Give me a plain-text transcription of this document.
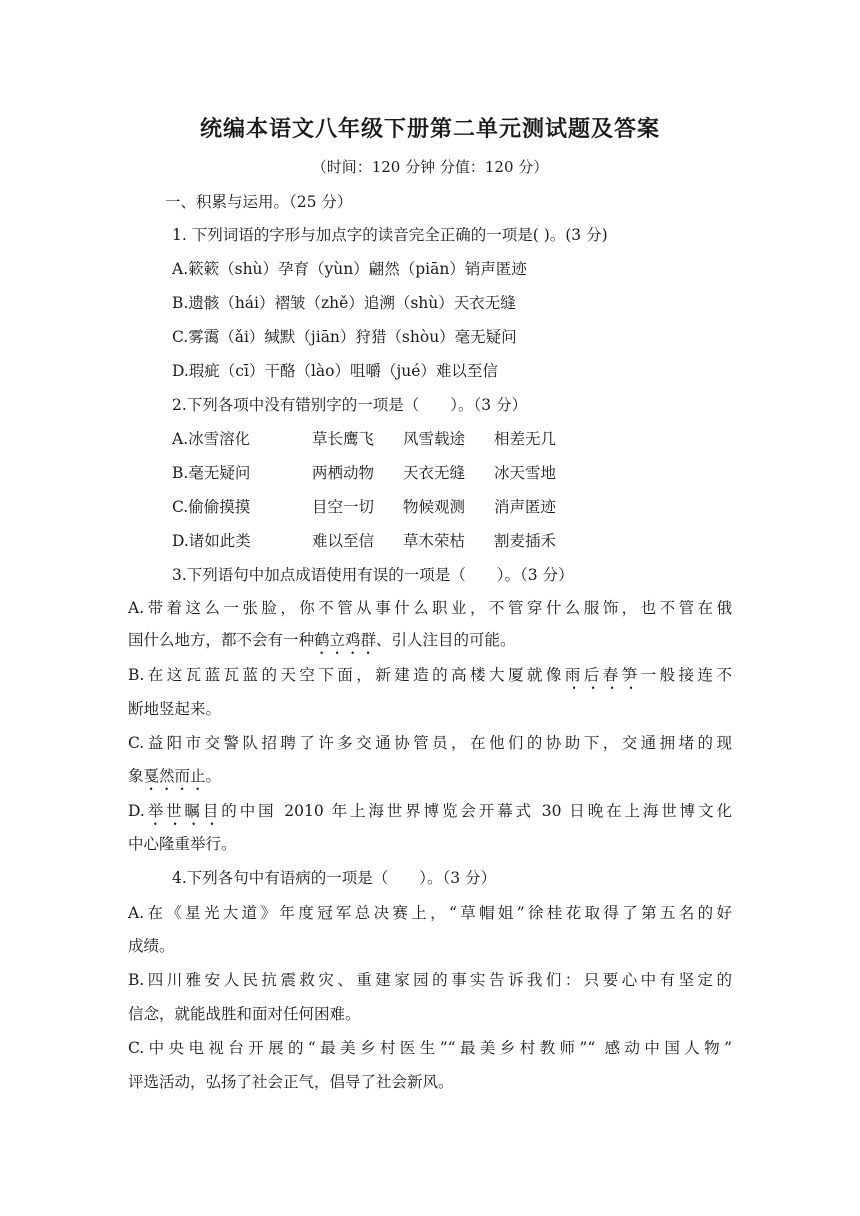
统编本语文八年级下册第二单元测试题及答案
（时间：120 分钟 分值：120 分）
一、积累与运用。（25 分）
1. 下列词语的字形与加点字的读音完全正确的一项是( )。(3 分)
A.簌簌（shù）孕育（yùn）翩然（piān）销声匿迹
B.遗骸（hái）褶皱（zhě）追溯（shù）天衣无缝
C.雾霭（ǎi）缄默（jiān）狩猎（shòu）毫无疑问
D.瑕疵（cī）干酪（lào）咀嚼（jué）难以至信
2.下列各项中没有错别字的一项是（　　）。（3 分）
A.冰雪溶化	草长鹰飞 风雪载途 相差无几
B.毫无疑问	两栖动物 天衣无缝 冰天雪地
C.偷偷摸摸	目空一切 物候观测 消声匿迹
D.诸如此类	难以至信 草木荣枯 割麦插禾
3.下列语句中加点成语使用有误的一项是（　　）。（3 分）
A.带着这么一张脸，你不管从事什么职业，不管穿什么服饰，也不管在俄
国什么地方，都不会有一种鹤立鸡群、引人注目的可能。
B.在这瓦蓝瓦蓝的天空下面，新建造的高楼大厦就像雨后春笋一般接连不
断地竖起来。
C.益阳市交警队招聘了许多交通协管员，在他们的协助下，交通拥堵的现
象戛然而止。
D.举世瞩目的中国 2010 年上海世界博览会开幕式 30 日晚在上海世博文化
中心隆重举行。
4.下列各句中有语病的一项是（　　）。（3 分）
A.在《星光大道》年度冠军总决赛上，“草帽姐”徐桂花取得了第五名的好
成绩。
B.四川雅安人民抗震救灾、重建家园的事实告诉我们：只要心中有坚定的
信念，就能战胜和面对任何困难。
C.中央电视台开展的“最美乡村医生”“最美乡村教师”“ 感动中国人物”
评选活动，弘扬了社会正气，倡导了社会新风。
